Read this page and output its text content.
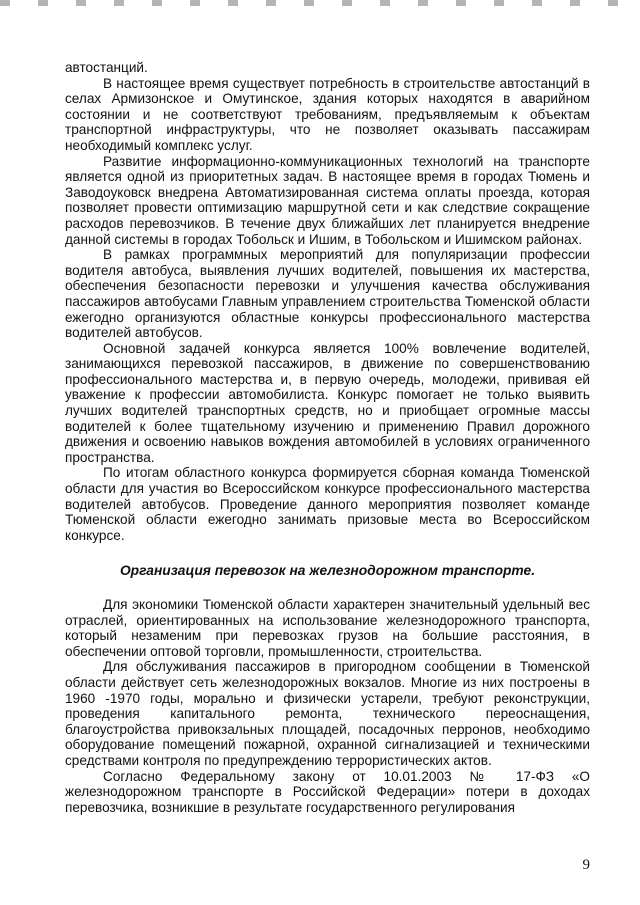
автостанций.

В настоящее время существует потребность в строительстве автостанций в селах Армизонское и Омутинское, здания которых находятся в аварийном состоянии и не соответствуют требованиям, предъявляемым к объектам транспортной инфраструктуры, что не позволяет оказывать пассажирам необходимый комплекс услуг.

Развитие информационно-коммуникационных технологий на транспорте является одной из приоритетных задач. В настоящее время в городах Тюмень и Заводоуковск внедрена Автоматизированная система оплаты проезда, которая позволяет провести оптимизацию маршрутной сети и как следствие сокращение расходов перевозчиков. В течение двух ближайших лет планируется внедрение данной системы в городах Тобольск и Ишим, в Тобольском и Ишимском районах.

В рамках программных мероприятий для популяризации профессии водителя автобуса, выявления лучших водителей, повышения их мастерства, обеспечения безопасности перевозки и улучшения качества обслуживания пассажиров автобусами Главным управлением строительства Тюменской области ежегодно организуются областные конкурсы профессионального мастерства водителей автобусов.

Основной задачей конкурса является 100% вовлечение водителей, занимающихся перевозкой пассажиров, в движение по совершенствованию профессионального мастерства и, в первую очередь, молодежи, прививая ей уважение к профессии автомобилиста. Конкурс помогает не только выявить лучших водителей транспортных средств, но и приобщает огромные массы водителей к более тщательному изучению и применению Правил дорожного движения и освоению навыков вождения автомобилей в условиях ограниченного пространства.

По итогам областного конкурса формируется сборная команда Тюменской области для участия во Всероссийском конкурсе профессионального мастерства водителей автобусов. Проведение данного мероприятия позволяет команде Тюменской области ежегодно занимать призовые места во Всероссийском конкурсе.

Организация перевозок на железнодорожном транспорте.

Для экономики Тюменской области характерен значительный удельный вес отраслей, ориентированных на использование железнодорожного транспорта, который незаменим при перевозках грузов на большие расстояния, в обеспечении оптовой торговли, промышленности, строительства.

Для обслуживания пассажиров в пригородном сообщении в Тюменской области действует сеть железнодорожных вокзалов. Многие из них построены в 1960 -1970 годы, морально и физически устарели, требуют реконструкции, проведения капитального ремонта, технического переоснащения, благоустройства привокзальных площадей, посадочных перронов, необходимо оборудование помещений пожарной, охранной сигнализацией и техническими средствами контроля по предупреждению террористических актов.

Согласно Федеральному закону от 10.01.2003 № 17-ФЗ «О железнодорожном транспорте в Российской Федерации» потери в доходах перевозчика, возникшие в результате государственного регулирования

9
